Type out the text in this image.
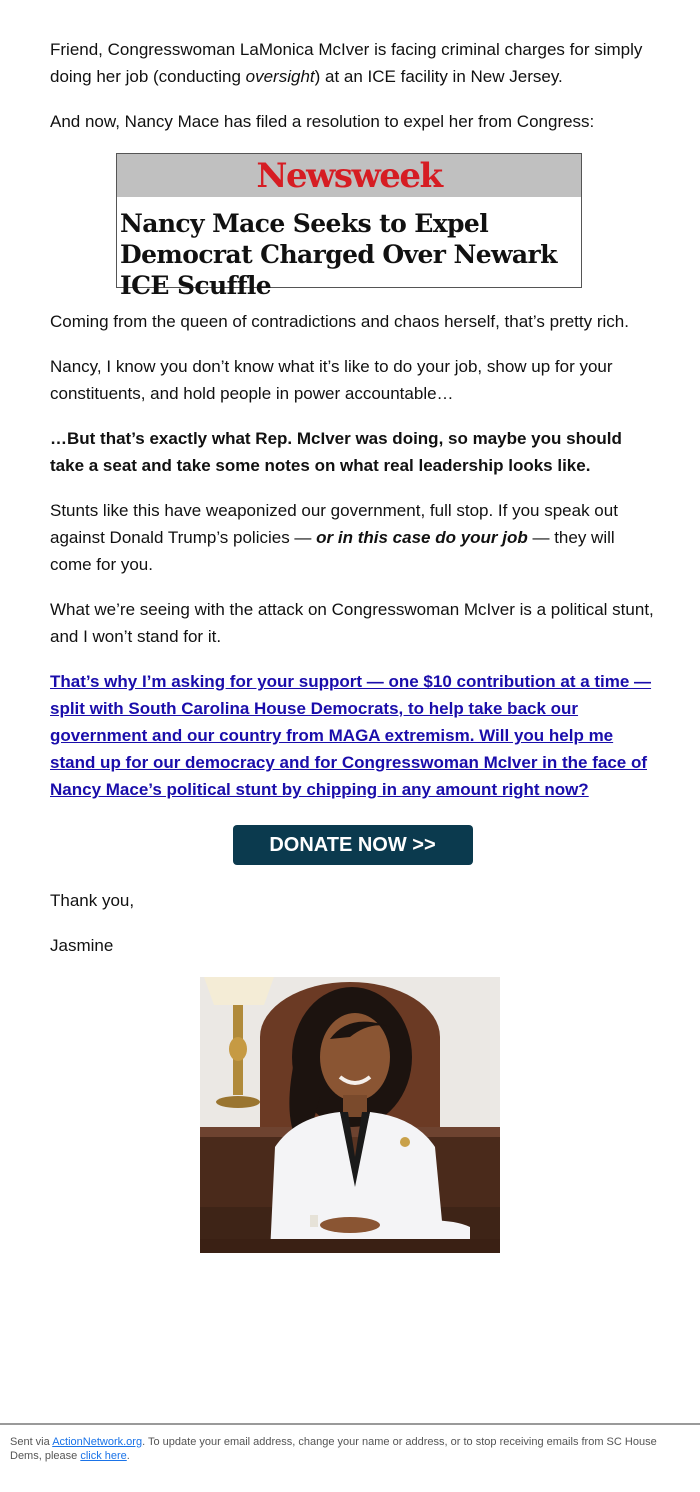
Friend, Congresswoman LaMonica McIver is facing criminal charges for simply doing her job (conducting oversight) at an ICE facility in New Jersey.

And now, Nancy Mace has filed a resolution to expel her from Congress:

Newsweek
Nancy Mace Seeks to Expel Democrat Charged Over Newark ICE Scuffle

Coming from the queen of contradictions and chaos herself, that’s pretty rich.

Nancy, I know you don’t know what it’s like to do your job, show up for your constituents, and hold people in power accountable…

…But that’s exactly what Rep. McIver was doing, so maybe you should take a seat and take some notes on what real leadership looks like.

Stunts like this have weaponized our government, full stop. If you speak out against Donald Trump’s policies — or in this case do your job — they will come for you.

What we’re seeing with the attack on Congresswoman McIver is a political stunt, and I won’t stand for it.

That’s why I’m asking for your support — one $10 contribution at a time — split with South Carolina House Democrats, to help take back our government and our country from MAGA extremism. Will you help me stand up for our democracy and for Congresswoman McIver in the face of Nancy Mace’s political stunt by chipping in any amount right now?
DONATE NOW >>

Thank you,

Jasmine

Sent via ActionNetwork.org. To update your email address, change your name or address, or to stop receiving emails from SC House Dems, please click here.
